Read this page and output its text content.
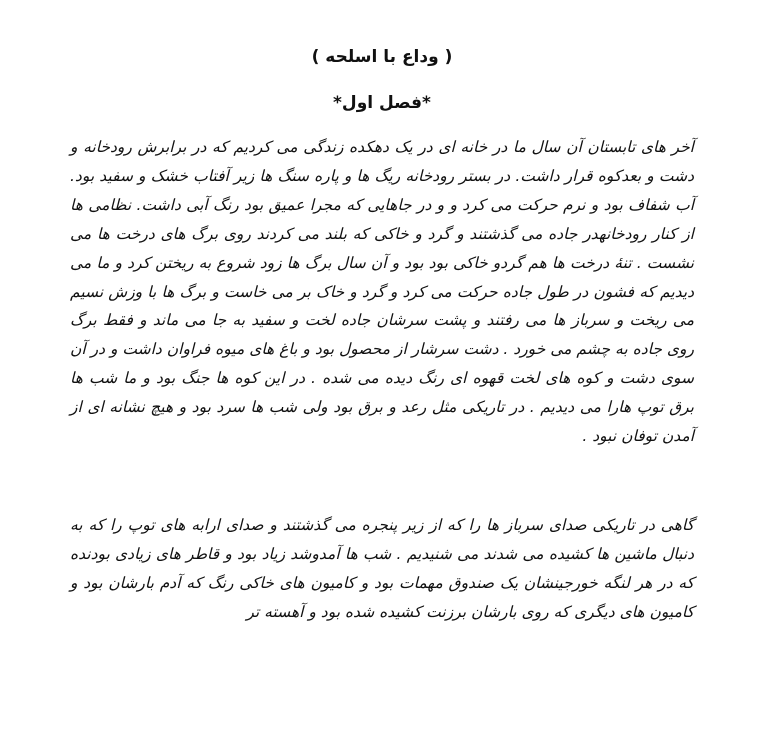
( وداع با اسلحه )
*فصل اول*

آخر های تابستان آن سال ما در خانه ای در یک دهکده زندگی می کردیم که در برابرش رودخانه و دشت و بعدکوه قرار داشت. در بستر رودخانه ریگ ها و پاره سنگ ها زیر آفتاب خشک و سفید بود. آب شفاف بود و نرم حرکت می کرد و و در جاهایی که مجرا عمیق بود رنگ آبی داشت. نظامی ها از کنار رودخانهدر جاده می گذشتند و گرد و خاکی که بلند می کردند روی برگ های درخت ها می نشست . تنهٔ درخت ها هم گردو خاکی بود بود و آن سال برگ ها زود شروع به ریختن کرد و ما می دیدیم که فشون در طول جاده حرکت می کرد و گرد و خاک بر می خاست و برگ ها با وزش نسیم می ریخت و سرباز ها می رفتند و پشت سرشان جاده لخت و سفید به جا می ماند و فقط برگ روی جاده به چشم می خورد . دشت سرشار از محصول بود و باغ های میوه فراوان داشت و در آن سوی دشت و کوه های لخت قهوه ای رنگ دیده می شده . در این کوه ها جنگ بود و ما شب ها برق توپ هارا می دیدیم . در تاریکی مثل رعد و برق بود ولی شب ها سرد بود و هیچ نشانه ای از آمدن توفان نبود .

گاهی در تاریکی صدای سرباز ها را که از زیر پنجره می گذشتند و صدای ارابه های توپ را که به دنبال ماشین ها کشیده می شدند می شنیدیم . شب ها آمدوشد زیاد بود و قاطر های زیادی بودنده که در هر لنگه خورجینشان یک صندوق مهمات بود و کامیون های خاکی رنگ که آدم بارشان بود و کامیون های دیگری که روی بارشان برزنت کشیده شده بود و آهسته تر
